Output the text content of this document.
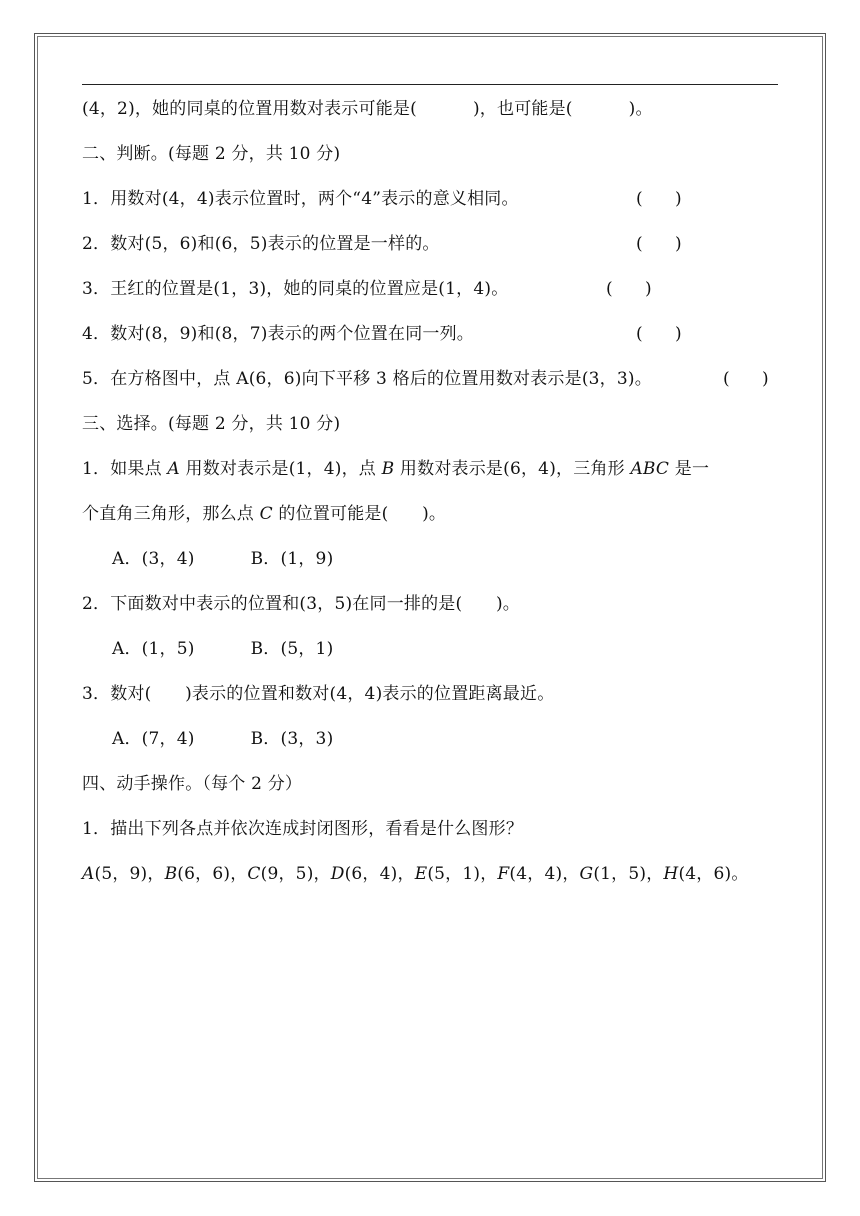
(4，2)，她的同桌的位置用数对表示可能是(          )，也可能是(          )。
二、判断。(每题 2 分，共 10 分)
1．用数对(4，4)表示位置时，两个“4”表示的意义相同。	(      )
2．数对(5，6)和(6，5)表示的位置是一样的。	(      )
3．王红的位置是(1，3)，她的同桌的位置应是(1，4)。	(      )
4．数对(8，9)和(8，7)表示的两个位置在同一列。	(      )
5．在方格图中，点 A(6，6)向下平移 3 格后的位置用数对表示是(3，3)。	(      )
三、选择。(每题 2 分，共 10 分)
1．如果点 A 用数对表示是(1，4)，点 B 用数对表示是(6，4)，三角形 ABC 是一
个直角三角形，那么点 C 的位置可能是(      )。
A．(3，4)          B．(1，9)
2．下面数对中表示的位置和(3，5)在同一排的是(      )。
A．(1，5)          B．(5，1)
3．数对(      )表示的位置和数对(4，4)表示的位置距离最近。
A．(7，4)          B．(3，3)
四、动手操作。（每个 2 分）
1．描出下列各点并依次连成封闭图形，看看是什么图形？
A(5，9)，B(6，6)，C(9，5)，D(6，4)，E(5，1)，F(4，4)，G(1，5)，H(4，6)。
